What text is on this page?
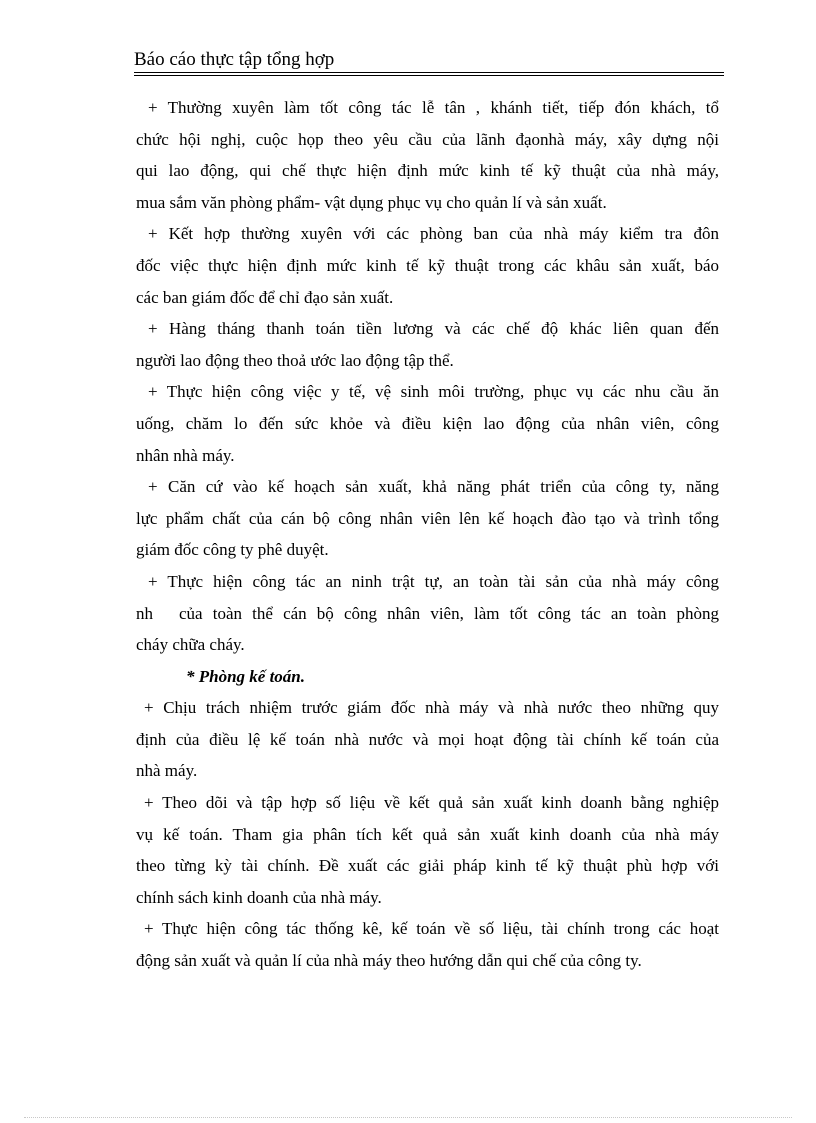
Báo cáo thực tập tổng hợp
+ Thường xuyên làm tốt công tác lễ tân , khánh tiết, tiếp đón khách, tổ
chức hội nghị, cuộc họp theo yêu cầu của lãnh đạonhà máy, xây dựng nội
qui lao động, qui chế thực hiện định mức kinh tế kỹ thuật của nhà máy,
mua sắm văn phòng phẩm- vật dụng phục vụ cho quản lí và sản xuất.
+ Kết hợp thường xuyên với các phòng ban của nhà máy kiểm tra đôn
đốc việc thực hiện định mức kinh tế kỹ thuật trong các khâu sản xuất, báo
các ban giám đốc để chỉ đạo sản xuất.
+ Hàng tháng thanh toán tiền lương và các chế độ khác liên quan đến
người lao động theo thoả ước lao động tập thể.
+ Thực hiện công việc y tế, vệ sinh môi trường, phục vụ các nhu cầu ăn
uống, chăm lo đến sức khỏe và điều kiện lao động của nhân viên, công
nhân nhà máy.
+ Căn cứ vào kế hoạch sản xuất, khả năng phát triển của công ty, năng
lực phẩm chất của cán bộ công nhân viên lên kế hoạch đào tạo và trình tổng
giám đốc công ty phê duyệt.
+ Thực hiện công tác an ninh trật tự, an toàn tài sản của nhà máy công
nh của toàn thể cán bộ công nhân viên, làm tốt công tác an toàn phòng
cháy chữa cháy.
* Phòng kế toán.
+ Chịu trách nhiệm trước giám đốc nhà máy và nhà nước theo những quy
định của điều lệ kế toán nhà nước và mọi hoạt động tài chính kế toán của
nhà máy.
+ Theo dõi và tập hợp số liệu về kết quả sản xuất kinh doanh bằng nghiệp
vụ kế toán. Tham gia phân tích kết quả sản xuất kinh doanh của nhà máy
theo từng kỳ tài chính. Đề xuất các giải pháp kinh tế kỹ thuật phù hợp với
chính sách kinh doanh của nhà máy.
+ Thực hiện công tác thống kê, kế toán về số liệu, tài chính trong các hoạt
động sản xuất và quản lí của nhà máy theo hướng dẫn qui chế của công ty.
